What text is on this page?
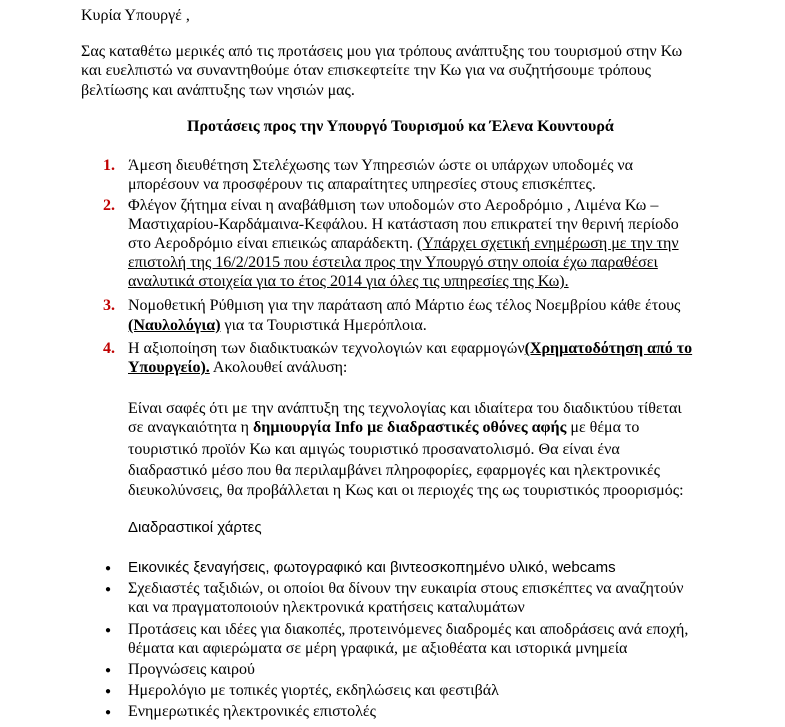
Κυρία Υπουργέ ,
Σας καταθέτω μερικές από τις προτάσεις μου για τρόπους ανάπτυξης του τουρισμού στην Κω
και ευελπιστώ να συναντηθούμε όταν επισκεφτείτε την Κω για να συζητήσουμε τρόπους
βελτίωσης και ανάπτυξης των νησιών μας.
Προτάσεις προς την Υπουργό Τουρισμού κα Έλενα Κουντουρά
1. Άμεση διευθέτηση Στελέχωσης των Υπηρεσιών ώστε οι υπάρχων υποδομές να
μπορέσουν να προσφέρουν τις απαραίτητες υπηρεσίες στους επισκέπτες.
2. Φλέγον ζήτημα είναι η αναβάθμιση των υποδομών στο Αεροδρόμιο , Λιμένα Κω –
Μαστιχαρίου-Καρδάμαινα-Κεφάλου. Η κατάσταση που επικρατεί την θερινή περίοδο
στο Αεροδρόμιο είναι επιεικώς απαράδεκτη. (Υπάρχει σχετική ενημέρωση με την την
επιστολή της 16/2/2015 που έστειλα προς την Υπουργό στην οποία έχω παραθέσει
αναλυτικά στοιχεία για το έτος 2014 για όλες τις υπηρεσίες της Κω).
3. Νομοθετική Ρύθμιση για την παράταση από Μάρτιο έως τέλος Νοεμβρίου κάθε έτους
(Ναυλολόγια) για τα Τουριστικά Ημερόπλοια.
4. Η αξιοποίηση των διαδικτυακών τεχνολογιών και εφαρμογών(Χρηματοδότηση από το
Υπουργείο). Ακολουθεί ανάλυση:
Είναι σαφές ότι με την ανάπτυξη της τεχνολογίας και ιδιαίτερα του διαδικτύου τίθεται
σε αναγκαιότητα η δημιουργία Info με διαδραστικές οθόνες αφής με θέμα το
τουριστικό προϊόν Κω και αμιγώς τουριστικό προσανατολισμό. Θα είναι ένα
διαδραστικό μέσο που θα περιλαμβάνει πληροφορίες, εφαρμογές και ηλεκτρονικές
διευκολύνσεις, θα προβάλλεται η Κως και οι περιοχές της ως τουριστικός προορισμός:
Διαδραστικοί χάρτες
● Εικονικές ξεναγήσεις, φωτογραφικό και βιντεοσκοπημένο υλικό, webcams
● Σχεδιαστές ταξιδιών, οι οποίοι θα δίνουν την ευκαιρία στους επισκέπτες να αναζητούν
και να πραγματοποιούν ηλεκτρονικά κρατήσεις καταλυμάτων
● Προτάσεις και ιδέες για διακοπές, προτεινόμενες διαδρομές και αποδράσεις ανά εποχή,
θέματα και αφιερώματα σε μέρη γραφικά, με αξιοθέατα και ιστορικά μνημεία
● Προγνώσεις καιρού
● Ημερολόγιο με τοπικές γιορτές, εκδηλώσεις και φεστιβάλ
● Ενημερωτικές ηλεκτρονικές επιστολές
